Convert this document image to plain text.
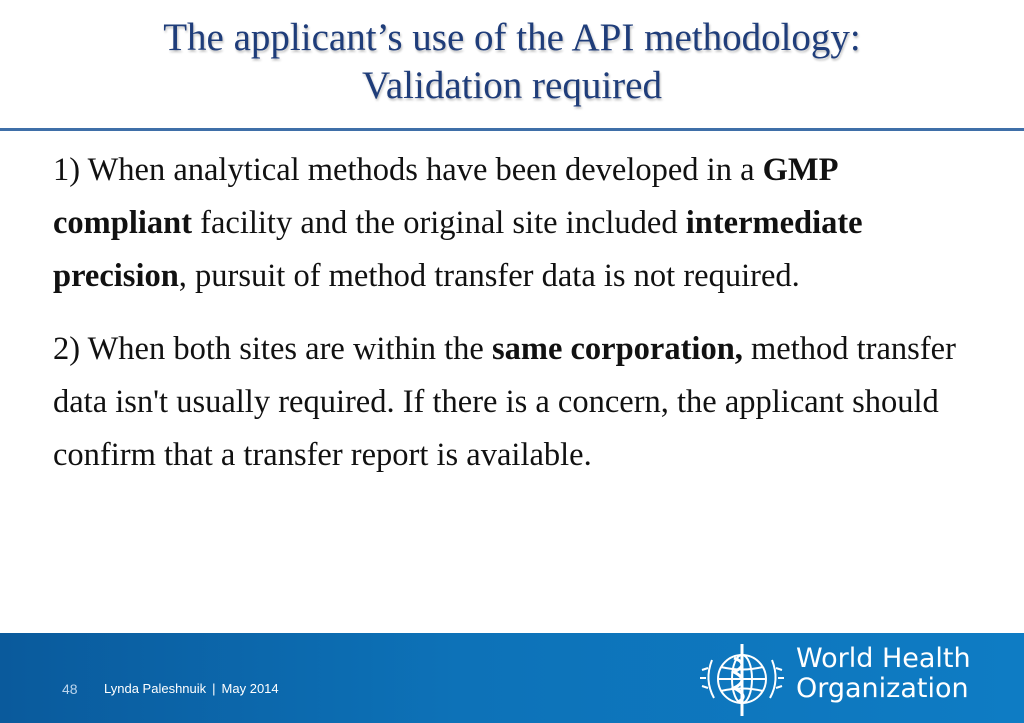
The applicant’s use of the API methodology:
Validation required

1) When analytical methods have been developed in a GMP compliant facility and the original site included intermediate precision, pursuit of method transfer data is not required.

2) When both sites are within the same corporation, method transfer data isn't usually required. If there is a concern, the applicant should confirm that a transfer report is available.

48 Lynda Paleshnuik | May 2014
World Health
Organization
